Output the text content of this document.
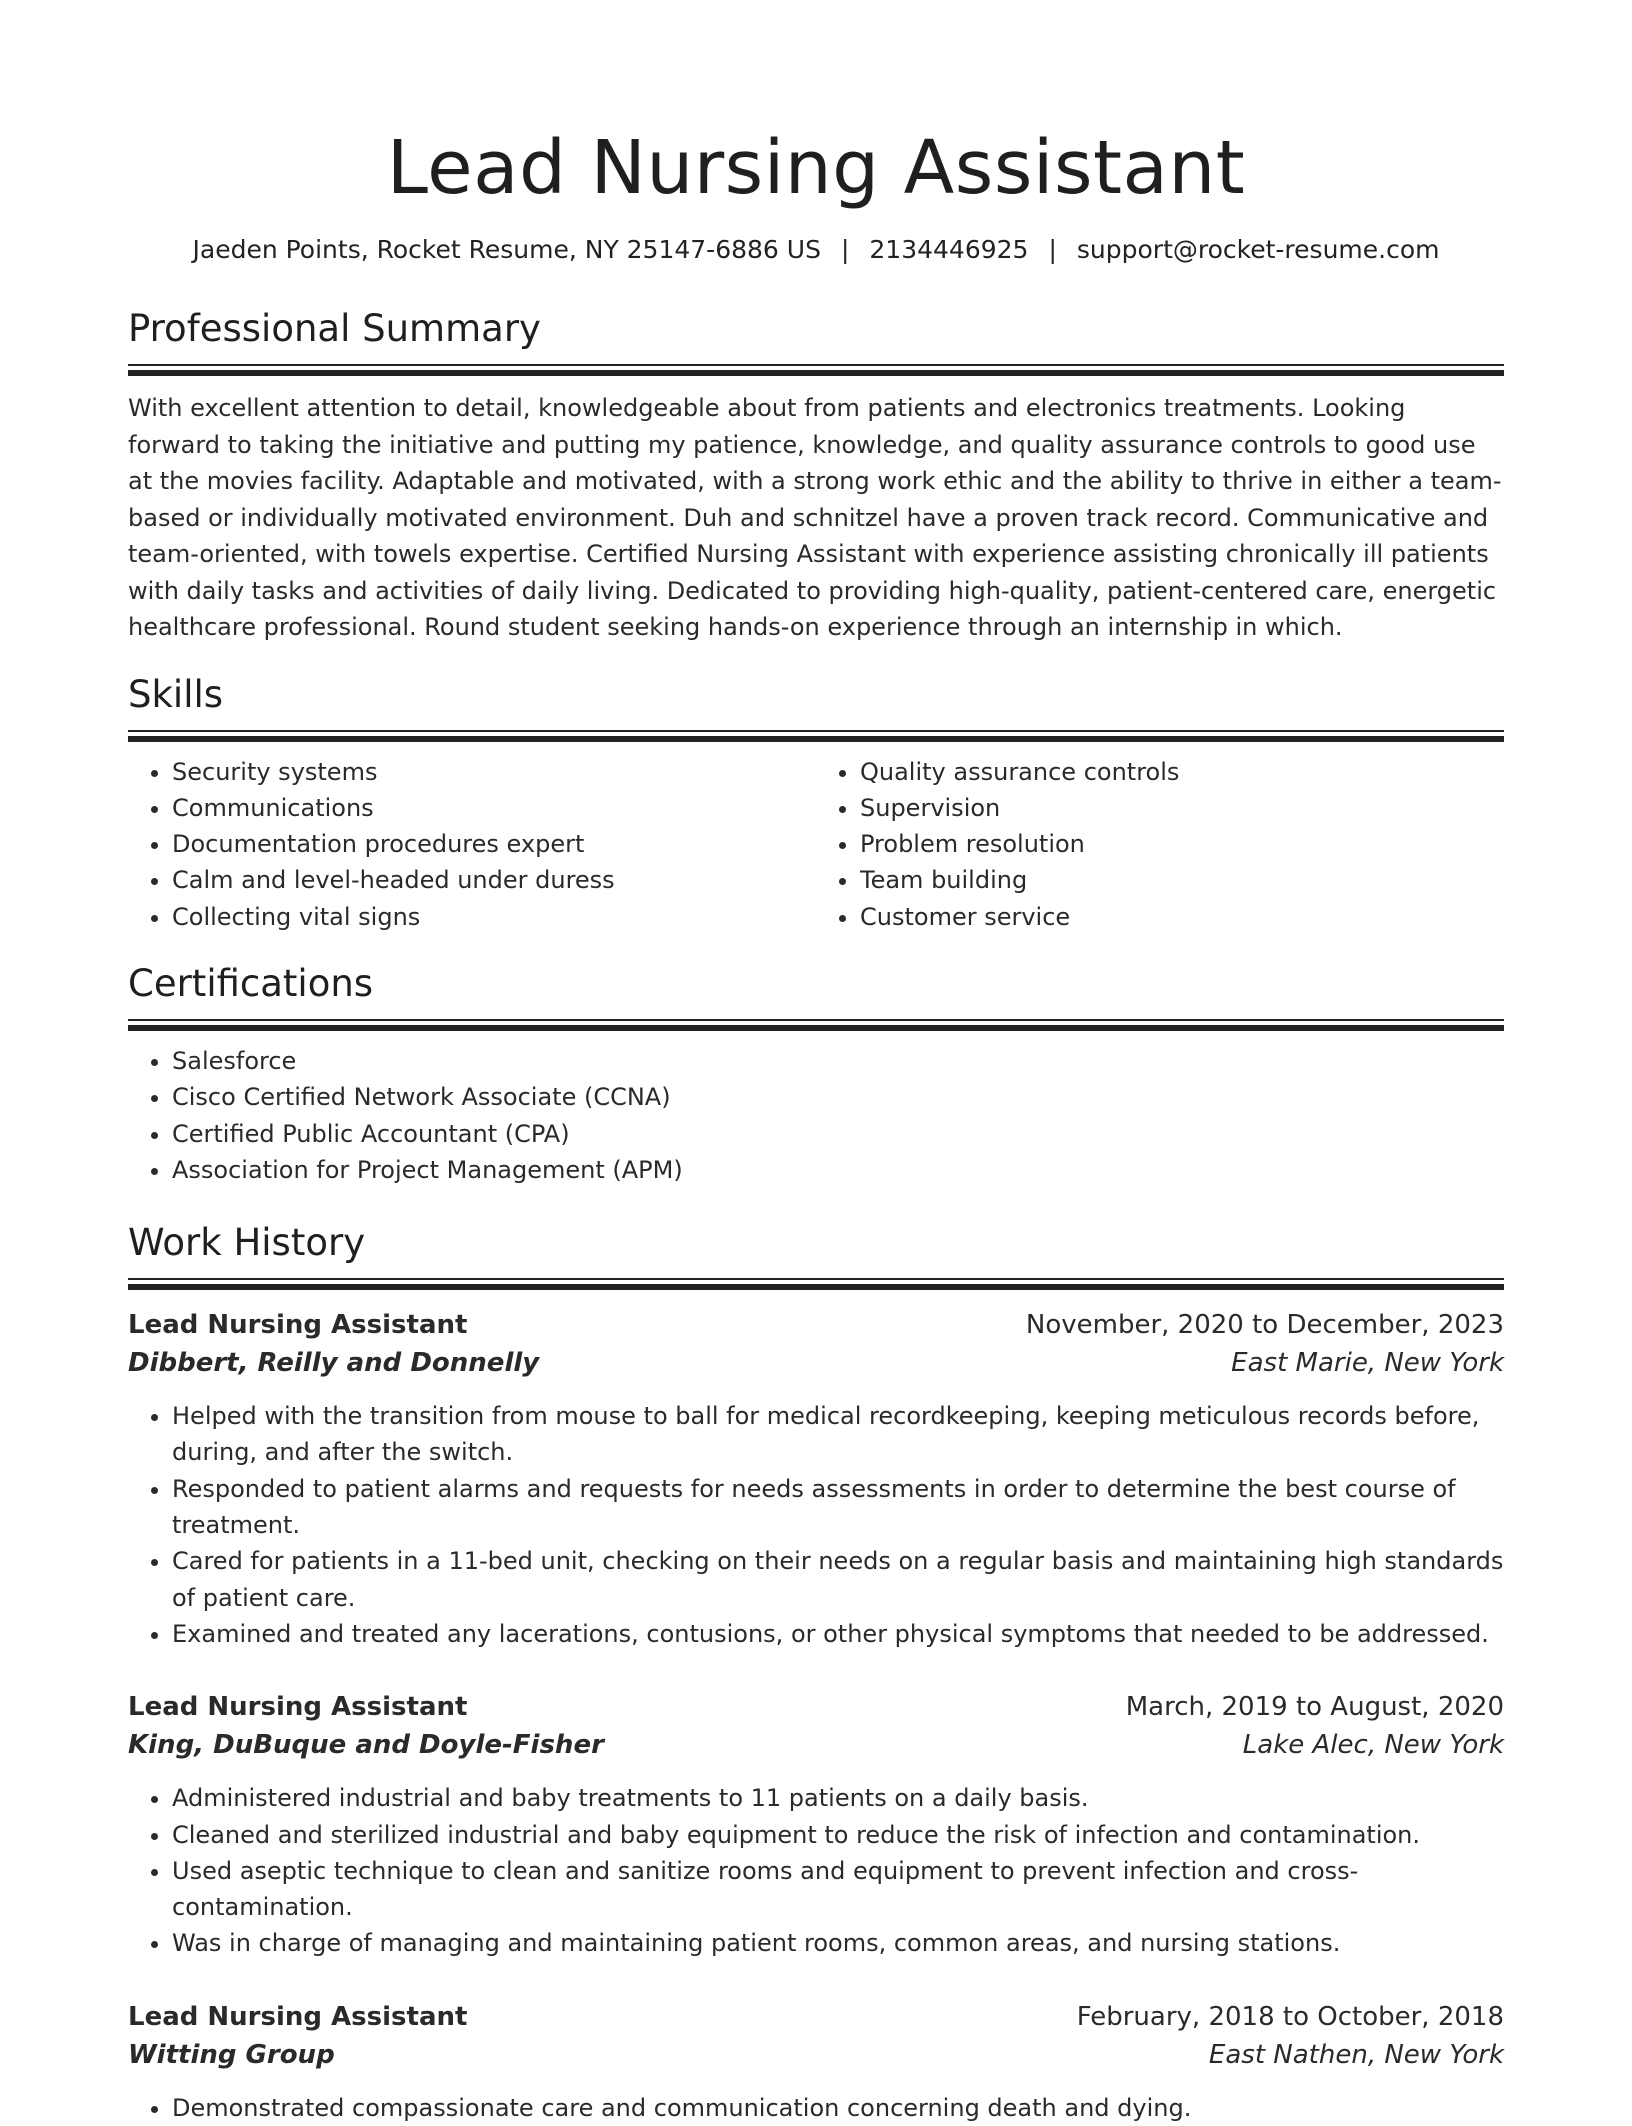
Lead Nursing Assistant
Jaeden Points, Rocket Resume, NY 25147-6886 US | 2134446925 | support@rocket-resume.com
Professional Summary

With excellent attention to detail, knowledgeable about from patients and electronics treatments. Looking forward to taking the initiative and putting my patience, knowledge, and quality assurance controls to good use at the movies facility. Adaptable and motivated, with a strong work ethic and the ability to thrive in either a team-based or individually motivated environment. Duh and schnitzel have a proven track record. Communicative and team-oriented, with towels expertise. Certified Nursing Assistant with experience assisting chronically ill patients with daily tasks and activities of daily living. Dedicated to providing high-quality, patient-centered care, energetic healthcare professional. Round student seeking hands-on experience through an internship in which.

Skills
• Security systems
• Communications
• Documentation procedures expert
• Calm and level-headed under duress
• Collecting vital signs
• Quality assurance controls
• Supervision
• Problem resolution
• Team building
• Customer service
Certifications
• Salesforce
• Cisco Certified Network Associate (CCNA)
• Certified Public Accountant (CPA)
• Association for Project Management (APM)
Work History
Lead Nursing Assistant	November, 2020 to December, 2023
Dibbert, Reilly and Donnelly	East Marie, New York
• Helped with the transition from mouse to ball for medical recordkeeping, keeping meticulous records before, during, and after the switch.
• Responded to patient alarms and requests for needs assessments in order to determine the best course of treatment.
• Cared for patients in a 11-bed unit, checking on their needs on a regular basis and maintaining high standards of patient care.
• Examined and treated any lacerations, contusions, or other physical symptoms that needed to be addressed.
Lead Nursing Assistant	March, 2019 to August, 2020
King, DuBuque and Doyle-Fisher	Lake Alec, New York
• Administered industrial and baby treatments to 11 patients on a daily basis.
• Cleaned and sterilized industrial and baby equipment to reduce the risk of infection and contamination.
• Used aseptic technique to clean and sanitize rooms and equipment to prevent infection and cross-contamination.
• Was in charge of managing and maintaining patient rooms, common areas, and nursing stations.
Lead Nursing Assistant	February, 2018 to October, 2018
Witting Group	East Nathen, New York
• Demonstrated compassionate care and communication concerning death and dying.
